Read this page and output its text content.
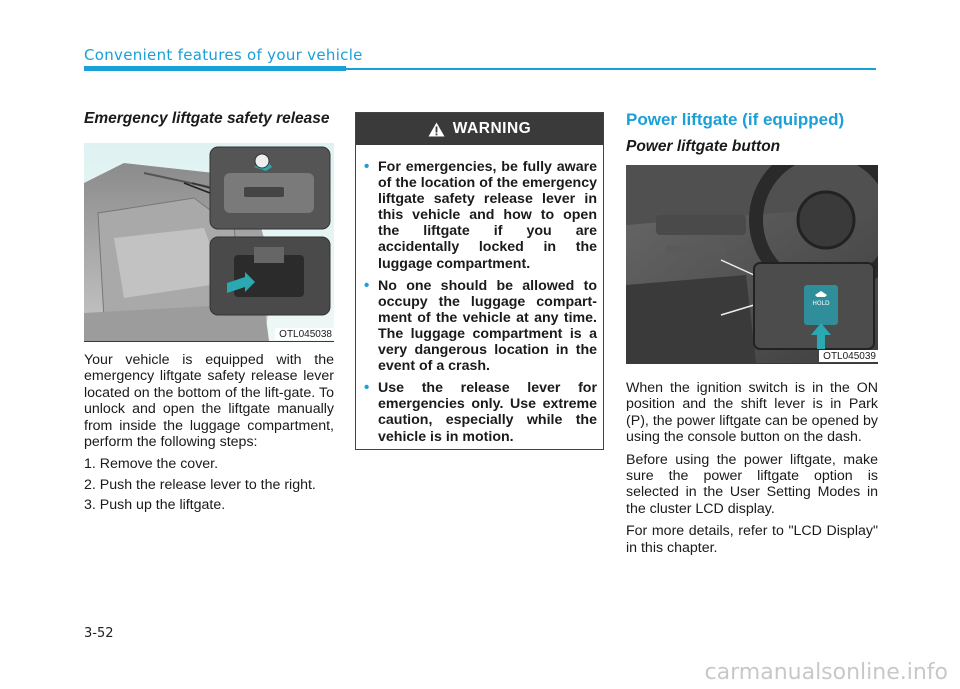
Convenient features of your vehicle
Emergency liftgate safety release
OTL045038

Your vehicle is equipped with the emergency liftgate safety release lever located on the bottom of the lift-gate. To unlock and open the liftgate manually from inside the luggage compartment, perform the following steps:

1. Remove the cover.
2. Push the release lever to the right.
3. Push up the liftgate.
WARNING
• For emergencies, be fully aware of the location of the emergency liftgate safety release lever in this vehicle and how to open the liftgate if you are accidentally locked in the luggage compartment.
• No one should be allowed to occupy the luggage compart-ment of the vehicle at any time. The luggage compartment is a very dangerous location in the event of a crash.
• Use the release lever for emergencies only. Use extreme caution, especially while the vehicle is in motion.
Power liftgate (if equipped)
Power liftgate button
HOLD
OTL045039

When the ignition switch is in the ON position and the shift lever is in Park (P), the power liftgate can be opened by using the console button on the dash.

Before using the power liftgate, make sure the power liftgate option is selected in the User Setting Modes in the cluster LCD display.

For more details, refer to "LCD Display" in this chapter.

3-52
carmanualsonline.info
